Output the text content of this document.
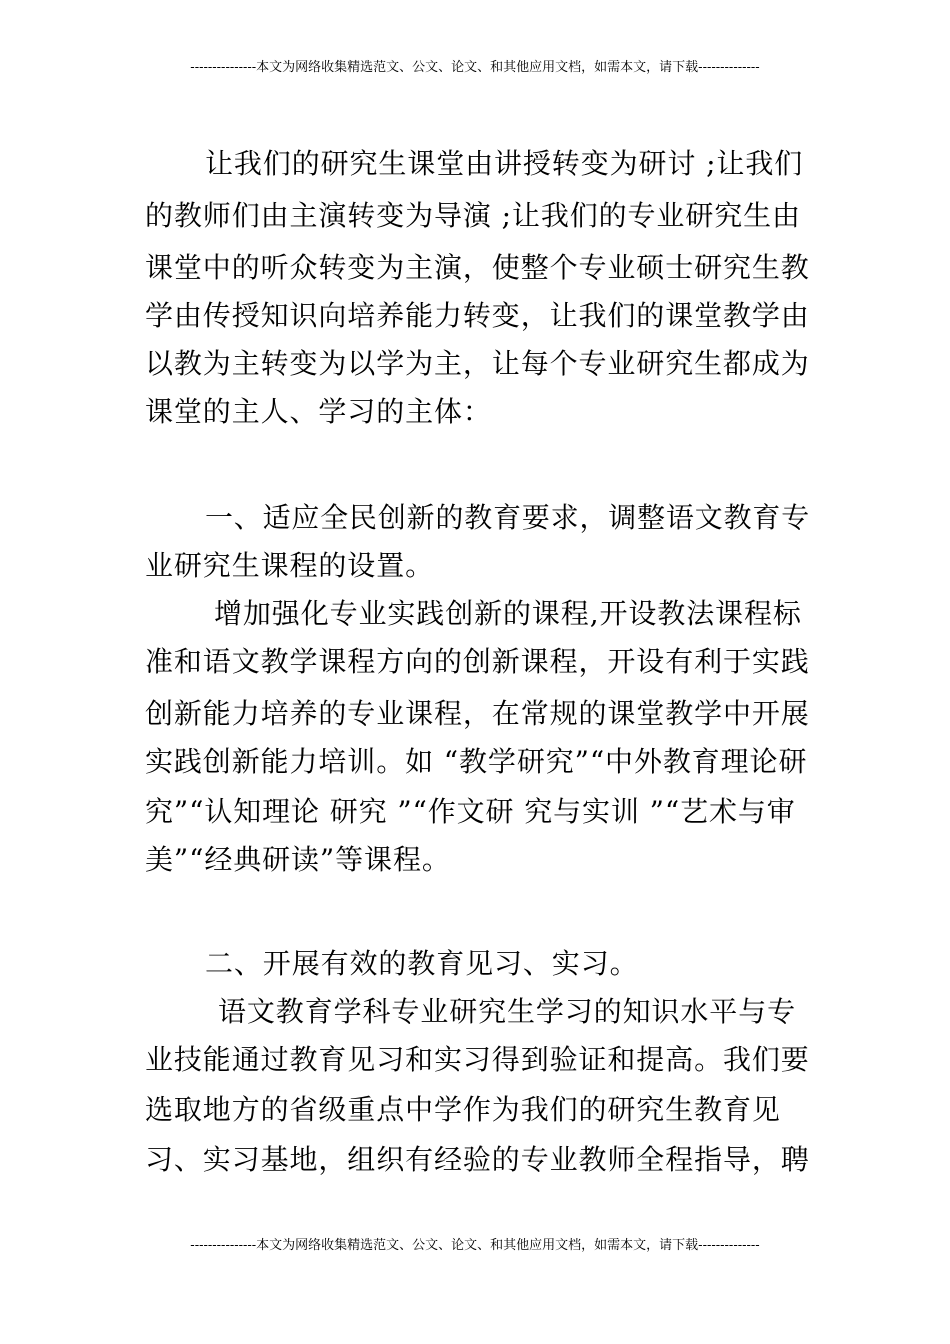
---------------本文为网络收集精选范文、公文、论文、和其他应用文档，如需本文，请下载--------------
让我们的研究生课堂由讲授转变为研讨 ;让我们
的教师们由主演转变为导演 ;让我们的专业研究生由
课堂中的听众转变为主演，使整个专业硕士研究生教
学由传授知识向培养能力转变，让我们的课堂教学由
以教为主转变为以学为主，让每个专业研究生都成为
课堂的主人、学习的主体：
一、适应全民创新的教育要求，调整语文教育专
业研究生课程的设置。
增加强化专业实践创新的课程,开设教法课程标
准和语文教学课程方向的创新课程，开设有利于实践
创新能力培养的专业课程，在常规的课堂教学中开展
实践创新能力培训。如 “教学研究”“中外教育理论研
究”“认知理论 研究 ”“作文研 究与实训 ”“艺术与审
美”“经典研读”等课程。
二、开展有效的教育见习、实习。
语文教育学科专业研究生学习的知识水平与专
业技能通过教育见习和实习得到验证和提高。我们要
选取地方的省级重点中学作为我们的研究生教育见
习、实习基地，组织有经验的专业教师全程指导，聘
---------------本文为网络收集精选范文、公文、论文、和其他应用文档，如需本文，请下载--------------
